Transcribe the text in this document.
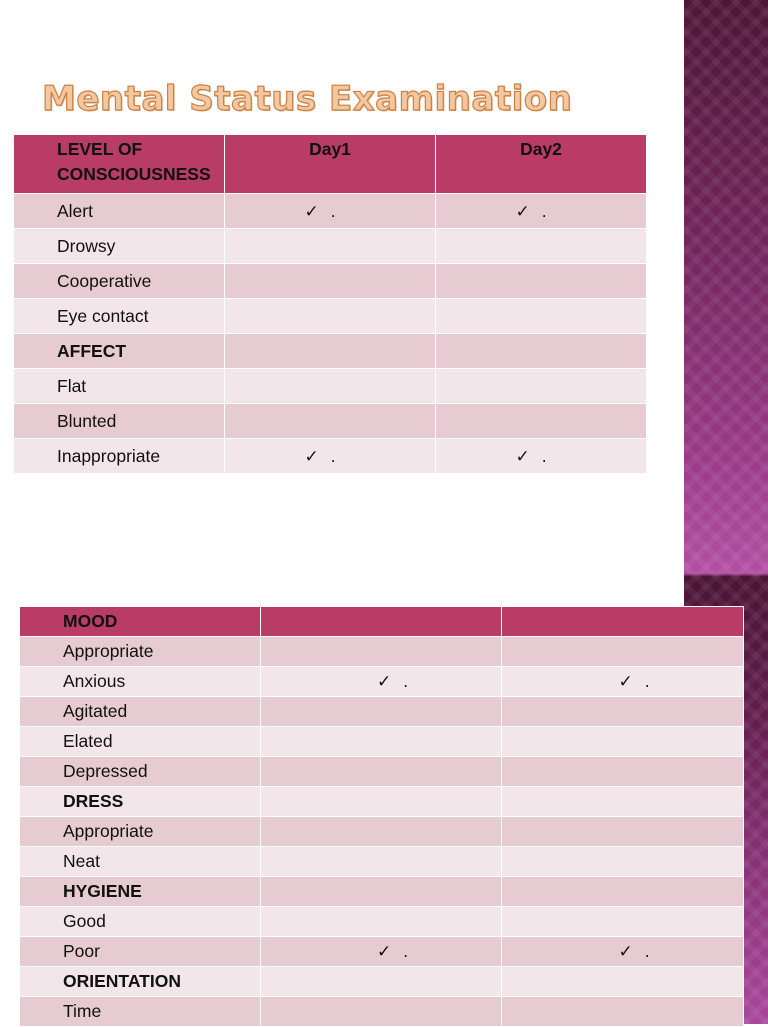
Mental Status Examination
LEVEL OF
CONSCIOUSNESS	Day1	Day2
Alert	✓ .	✓ .
Drowsy		
Cooperative		
Eye contact		
AFFECT		
Flat		
Blunted		
Inappropriate	✓ .	✓ .
MOOD		
Appropriate		
Anxious	✓ .	✓ .
Agitated		
Elated		
Depressed		
DRESS		
Appropriate		
Neat		
HYGIENE		
Good		
Poor	✓ .	✓ .
ORIENTATION		
Time		
